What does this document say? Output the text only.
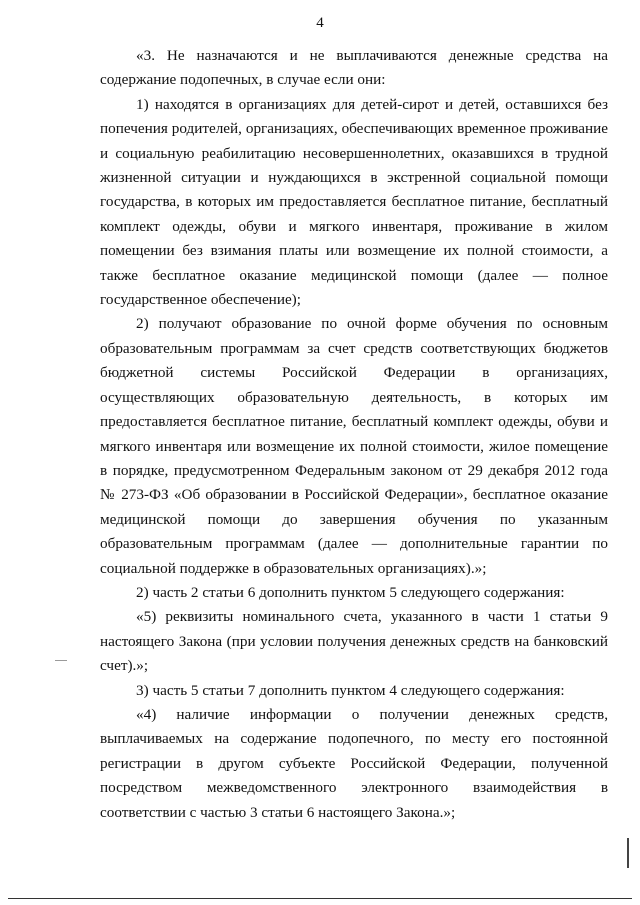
4

«3. Не назначаются и не выплачиваются денежные средства на содержание подопечных, в случае если они:

1) находятся в организациях для детей-сирот и детей, оставшихся без попечения родителей, организациях, обеспечивающих временное проживание и социальную реабилитацию несовершеннолетних, оказавшихся в трудной жизненной ситуации и нуждающихся в экстренной социальной помощи государства, в которых им предоставляется бесплатное питание, бесплатный комплект одежды, обуви и мягкого инвентаря, проживание в жилом помещении без взимания платы или возмещение их полной стоимости, а также бесплатное оказание медицинской помощи (далее — полное государственное обеспечение);

2) получают образование по очной форме обучения по основным образовательным программам за счет средств соответствующих бюджетов бюджетной системы Российской Федерации в организациях, осуществляющих образовательную деятельность, в которых им предоставляется бесплатное питание, бесплатный комплект одежды, обуви и мягкого инвентаря или возмещение их полной стоимости, жилое помещение в порядке, предусмотренном Федеральным законом от 29 декабря 2012 года № 273-ФЗ «Об образовании в Российской Федерации», бесплатное оказание медицинской помощи до завершения обучения по указанным образовательным программам (далее — дополнительные гарантии по социальной поддержке в образовательных организациях).»;

2) часть 2 статьи 6 дополнить пунктом 5 следующего содержания:

«5) реквизиты номинального счета, указанного в части 1 статьи 9 настоящего Закона (при условии получения денежных средств на банковский счет).»;

3) часть 5 статьи 7 дополнить пунктом 4 следующего содержания:

«4) наличие информации о получении денежных средств, выплачиваемых на содержание подопечного, по месту его постоянной регистрации в другом субъекте Российской Федерации, полученной посредством межведомственного электронного взаимодействия в соответствии с частью 3 статьи 6 настоящего Закона.»;
